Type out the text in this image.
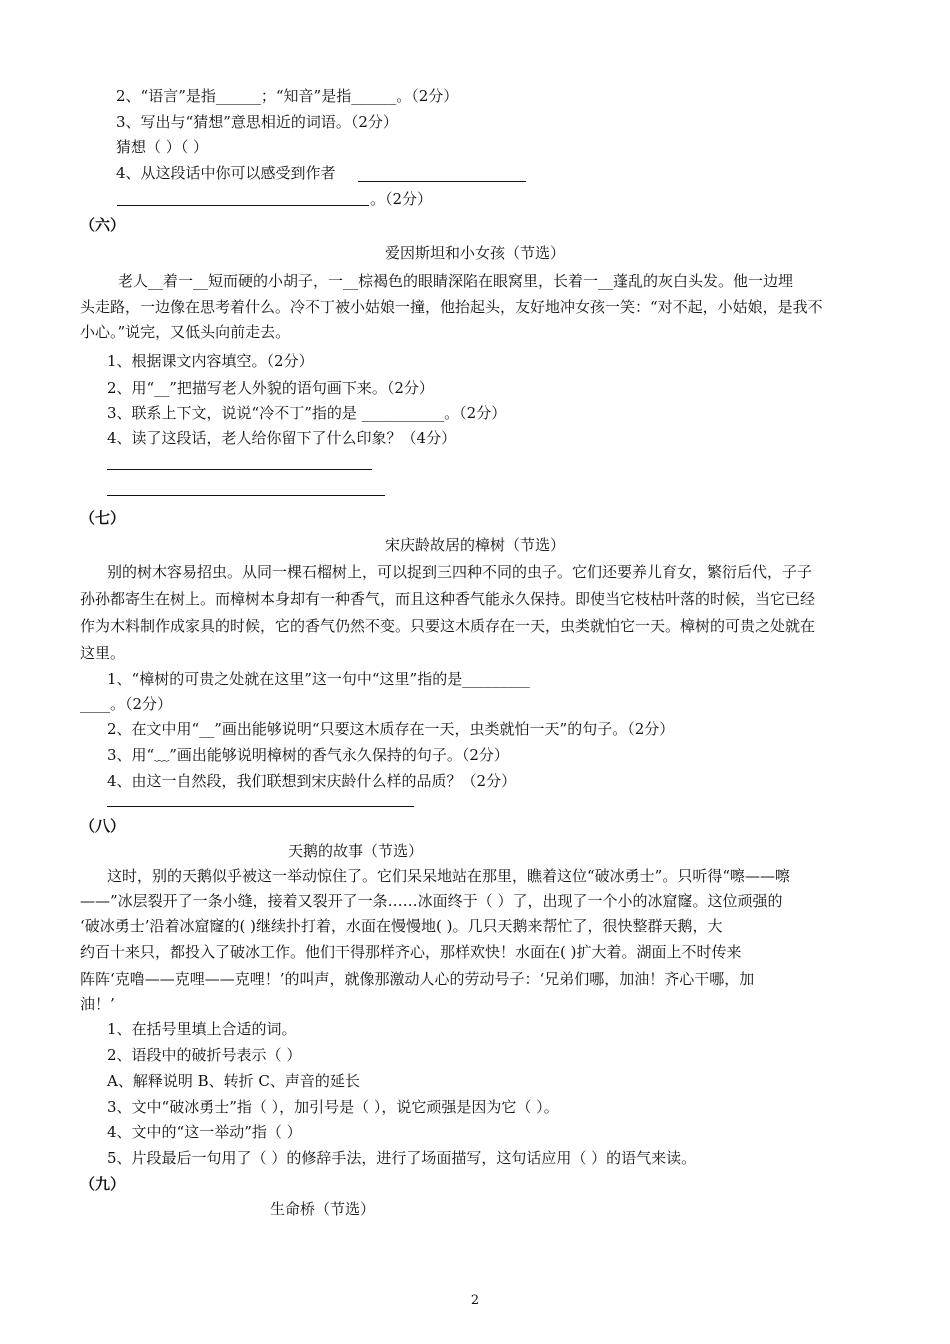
2、“语言”是指______；“知音”是指______。（2分）
3、写出与“猜想”意思相近的词语。（2分）
猜想（ ）（ ）
4、从这段话中你可以感受到作者
。（2分）
（六）
爱因斯坦和小女孩（节选）
老人__着一__短而硬的小胡子，一__棕褐色的眼睛深陷在眼窝里，长着一__蓬乱的灰白头发。他一边埋
头走路，一边像在思考着什么。冷不丁被小姑娘一撞，他抬起头，友好地冲女孩一笑：“对不起，小姑娘，是我不
小心。”说完，又低头向前走去。
1、根据课文内容填空。（2分）
2、用“__”把描写老人外貌的语句画下来。（2分）
3、联系上下文，说说“冷不丁”指的是 ___________。（2分）
4、读了这段话，老人给你留下了什么印象？（4分）
（七）
宋庆龄故居的樟树（节选）
别的树木容易招虫。从同一棵石榴树上，可以捉到三四种不同的虫子。它们还要养儿育女，繁衍后代，子子
孙孙都寄生在树上。而樟树本身却有一种香气，而且这种香气能永久保持。即使当它枝枯叶落的时候，当它已经
作为木料制作成家具的时候，它的香气仍然不变。只要这木质存在一天，虫类就怕它一天。樟树的可贵之处就在
这里。
1、“樟树的可贵之处就在这里”这一句中“这里”指的是_________
____。（2分）
2、在文中用“__”画出能够说明“只要这木质存在一天，虫类就怕一天”的句子。（2分）
3、用“﹏”画出能够说明樟树的香气永久保持的句子。（2分）
4、由这一自然段，我们联想到宋庆龄什么样的品质？（2分）
（八）
天鹅的故事（节选）
这时，别的天鹅似乎被这一举动惊住了。它们呆呆地站在那里，瞧着这位“破冰勇士”。只听得“嚓——嚓
——”冰层裂开了一条小缝，接着又裂开了一条……冰面终于（ ）了，出现了一个小的冰窟窿。这位顽强的
‘破冰勇士’沿着冰窟窿的( )继续扑打着，水面在慢慢地( )。几只天鹅来帮忙了，很快整群天鹅，大
约百十来只，都投入了破冰工作。他们干得那样齐心，那样欢快！水面在( )扩大着。湖面上不时传来
阵阵‘克噜——克哩——克哩！’的叫声，就像那激动人心的劳动号子：‘兄弟们哪，加油！齐心干哪，加
油！’
1、在括号里填上合适的词。
2、语段中的破折号表示（ ）
A、解释说明 B、转折 C、声音的延长
3、文中“破冰勇士”指（ ），加引号是（ ），说它顽强是因为它（ ）。
4、文中的“这一举动”指（ ）
5、片段最后一句用了（ ）的修辞手法，进行了场面描写，这句话应用（ ）的语气来读。
（九）
生命桥（节选）
2
